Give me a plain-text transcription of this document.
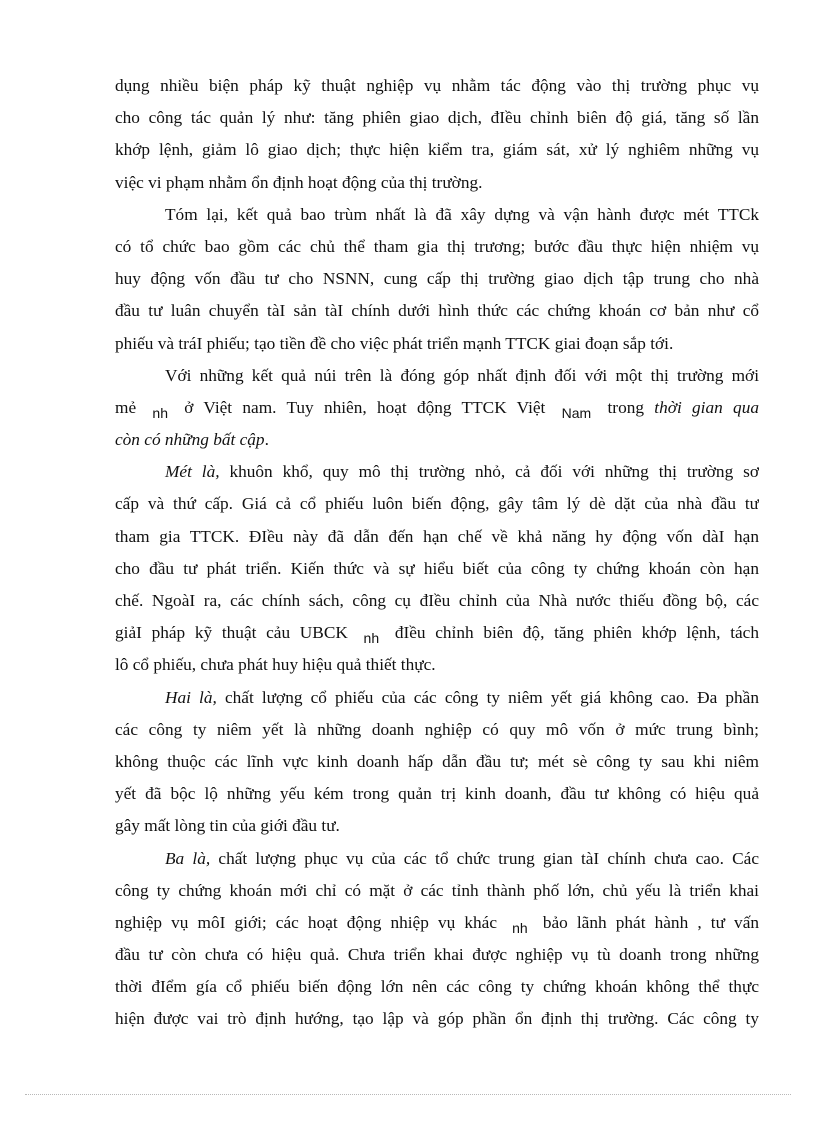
dụng nhiều biện pháp kỹ thuật nghiệp vụ nhằm tác động vào thị trường phục vụ
cho công tác quản lý như: tăng phiên giao dịch, đIều chỉnh biên độ giá, tăng số lần
khớp lệnh, giảm lô giao dịch; thực hiện kiểm tra, giám sát, xử lý nghiêm những vụ
việc vi phạm nhằm ổn định hoạt động của thị trường.
Tóm lại, kết quả bao trùm nhất là đã xây dựng và vận hành được mét TTCk
có tổ chức bao gồm các chủ thể tham gia thị trương; bước đầu thực hiện nhiệm vụ
huy động vốn đầu tư cho NSNN, cung cấp thị trường giao dịch tập trung cho nhà
đầu tư luân chuyển tàI sản tàI chính dưới hình thức các chứng khoán cơ bản như cổ
phiếu và tráI phiếu; tạo tiền đề cho việc phát triển mạnh TTCK giai đoạn sắp tới.
Với những kết quả núi trên là đóng góp nhất định đối với một thị trường mới
mẻ $_{nh}$ ở Việt nam. Tuy nhiên, hoạt động TTCK Việt $_{Nam}$ trong thời gian qua
còn có những bất cập.
Mét là, khuôn khổ, quy mô thị trường nhỏ, cả đối với những thị trường sơ
cấp và thứ cấp. Giá cả cổ phiếu luôn biến động, gây tâm lý dè dặt của nhà đầu tư
tham gia TTCK. ĐIều này đã dẫn đến hạn chế về khả năng hy động vốn dàI hạn
cho đầu tư phát triển. Kiến thức và sự hiểu biết của công ty chứng khoán còn hạn
chế. NgoàI ra, các chính sách, công cụ đIều chỉnh của Nhà nước thiếu đồng bộ, các
giảI pháp kỹ thuật cảu UBCK $_{nh}$ đIều chỉnh biên độ, tăng phiên khớp lệnh, tách
lô cổ phiếu, chưa phát huy hiệu quả thiết thực.
Hai là, chất lượng cổ phiếu của các công ty niêm yết giá không cao. Đa phần
các công ty niêm yết là những doanh nghiệp có quy mô vốn ở mức trung bình;
không thuộc các lĩnh vực kinh doanh hấp dẫn đầu tư; mét sè công ty sau khi niêm
yết đã bộc lộ những yếu kém trong quản trị kinh doanh, đầu tư không có hiệu quả
gây mất lòng tin của giới đầu tư.
Ba là, chất lượng phục vụ của các tổ chức trung gian tàI chính chưa cao. Các
công ty chứng khoán mới chỉ có mặt ở các tỉnh thành phố lớn, chủ yếu là triển khai
nghiệp vụ môI giới; các hoạt động nhiệp vụ khác $_{nh}$ bảo lãnh phát hành , tư vấn
đầu tư còn chưa có hiệu quả. Chưa triển khai được nghiệp vụ tù doanh trong những
thời đIểm gía cổ phiếu biến động lớn nên các công ty chứng khoán không thể thực
hiện được vai trò định hướng, tạo lập và góp phần ổn định thị trường. Các công ty
